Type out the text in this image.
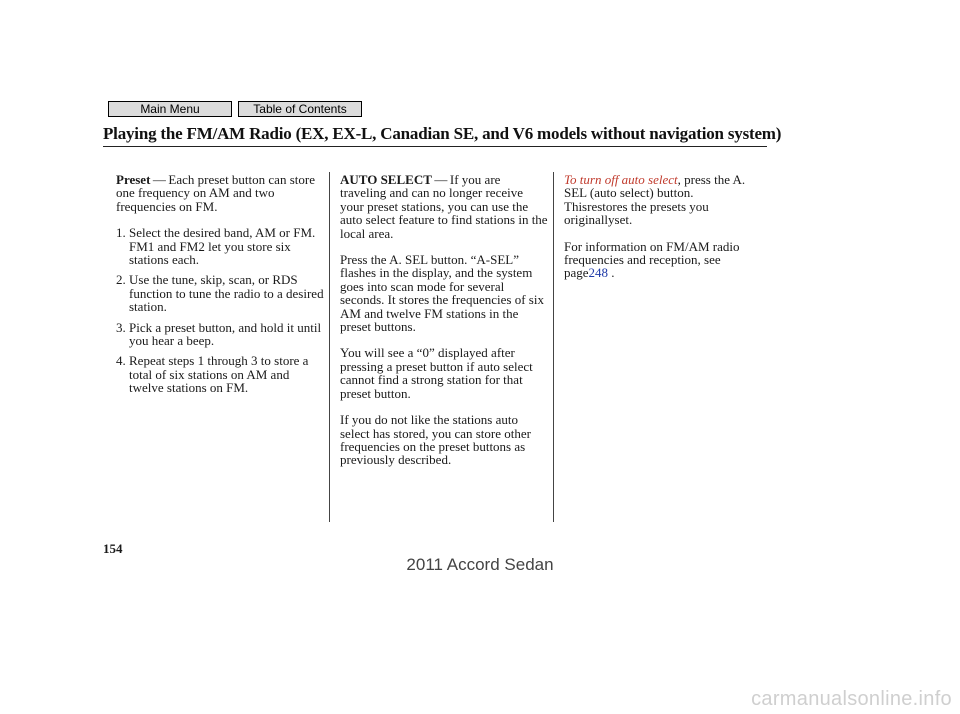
Main Menu	Table of Contents
Playing the FM/AM Radio (EX, EX-L, Canadian SE, and V6 models without navigation system)

Preset — Each preset button can store one frequency on AM and two frequencies on FM.

1. Select the desired band, AM or FM. FM1 and FM2 let you store six stations each.
2. Use the tune, skip, scan, or RDS function to tune the radio to a desired station.
3. Pick a preset button, and hold it until you hear a beep.
4. Repeat steps 1 through 3 to store a total of six stations on AM and twelve stations on FM.

AUTO SELECT — If you are traveling and can no longer receive your preset stations, you can use the auto select feature to find stations in the local area.

Press the A. SEL button. “A-SEL” flashes in the display, and the system goes into scan mode for several seconds. It stores the frequencies of six AM and twelve FM stations in the preset buttons.

You will see a “0” displayed after pressing a preset button if auto select cannot find a strong station for that preset button.

If you do not like the stations auto select has stored, you can store other frequencies on the preset buttons as previously described.

To turn off auto select, press the A. SEL (auto select) button. Thisrestores the presets you originallyset.

For information on FM/AM radio frequencies and reception, see page248 .

154
2011 Accord Sedan
carmanualsonline.info
